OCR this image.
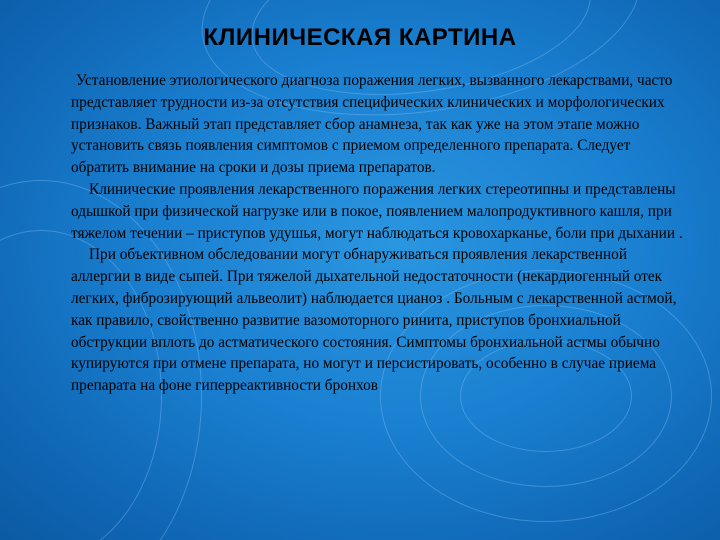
КЛИНИЧЕСКАЯ КАРТИНА

Установление этиологического диагноза поражения легких, вызванного лекарствами, часто представляет трудности из-за отсутствия специфических клинических и морфологических признаков. Важный этап представляет сбор анамнеза, так как уже на этом этапе можно установить связь появления симптомов с приемом определенного препарата. Следует обратить внимание на сроки и дозы приема препаратов.

Клинические проявления лекарственного поражения легких стереотипны и представлены одышкой при физической нагрузке или в покое, появлением малопродуктивного кашля, при тяжелом течении – приступов удушья, могут наблюдаться кровохарканье, боли при дыхании .

При объективном обследовании могут обнаруживаться проявления лекарственной аллергии в виде сыпей. При тяжелой дыхательной недостаточности (некардиогенный отек легких, фиброзирующий альвеолит) наблюдается цианоз . Больным с лекарственной астмой, как правило, свойственно развитие вазомоторного ринита, приступов бронхиальной обструкции вплоть до астматического состояния. Симптомы бронхиальной астмы обычно купируются при отмене препарата, но могут и персистировать, особенно в случае приема препарата на фоне гиперреактивности бронхов
